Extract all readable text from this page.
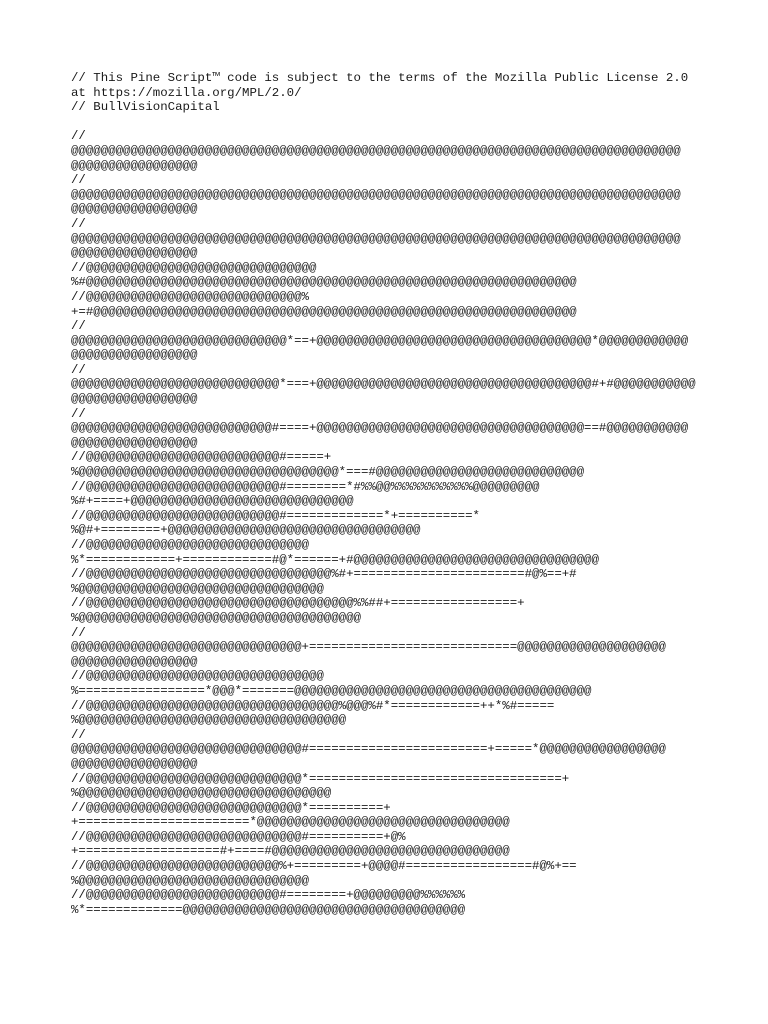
// This Pine Script™ code is subject to the terms of the Mozilla Public License 2.0
at https://mozilla.org/MPL/2.0/
// BullVisionCapital

//
@@@@@@@@@@@@@@@@@@@@@@@@@@@@@@@@@@@@@@@@@@@@@@@@@@@@@@@@@@@@@@@@@@@@@@@@@@@@@@@@@@
@@@@@@@@@@@@@@@@@
//
@@@@@@@@@@@@@@@@@@@@@@@@@@@@@@@@@@@@@@@@@@@@@@@@@@@@@@@@@@@@@@@@@@@@@@@@@@@@@@@@@@
@@@@@@@@@@@@@@@@@
//
@@@@@@@@@@@@@@@@@@@@@@@@@@@@@@@@@@@@@@@@@@@@@@@@@@@@@@@@@@@@@@@@@@@@@@@@@@@@@@@@@@
@@@@@@@@@@@@@@@@@
//@@@@@@@@@@@@@@@@@@@@@@@@@@@@@@@
%#@@@@@@@@@@@@@@@@@@@@@@@@@@@@@@@@@@@@@@@@@@@@@@@@@@@@@@@@@@@@@@@@@@
//@@@@@@@@@@@@@@@@@@@@@@@@@@@@@%
+=#@@@@@@@@@@@@@@@@@@@@@@@@@@@@@@@@@@@@@@@@@@@@@@@@@@@@@@@@@@@@@@@@@
//
@@@@@@@@@@@@@@@@@@@@@@@@@@@@@*==+@@@@@@@@@@@@@@@@@@@@@@@@@@@@@@@@@@@@@*@@@@@@@@@@@@
@@@@@@@@@@@@@@@@@
//
@@@@@@@@@@@@@@@@@@@@@@@@@@@@*===+@@@@@@@@@@@@@@@@@@@@@@@@@@@@@@@@@@@@@#+#@@@@@@@@@@@
@@@@@@@@@@@@@@@@@
//
@@@@@@@@@@@@@@@@@@@@@@@@@@@#====+@@@@@@@@@@@@@@@@@@@@@@@@@@@@@@@@@@@@==#@@@@@@@@@@@
@@@@@@@@@@@@@@@@@
//@@@@@@@@@@@@@@@@@@@@@@@@@@#=====+
%@@@@@@@@@@@@@@@@@@@@@@@@@@@@@@@@@@@*===#@@@@@@@@@@@@@@@@@@@@@@@@@@@@
//@@@@@@@@@@@@@@@@@@@@@@@@@@#========*#%%@@%%%%%%%%%%%@@@@@@@@@
%#+====+@@@@@@@@@@@@@@@@@@@@@@@@@@@@@@
//@@@@@@@@@@@@@@@@@@@@@@@@@@#=============*+==========*
%@#+========+@@@@@@@@@@@@@@@@@@@@@@@@@@@@@@@@@@
//@@@@@@@@@@@@@@@@@@@@@@@@@@@@@@
%*============+============#@*======+#@@@@@@@@@@@@@@@@@@@@@@@@@@@@@@@@@
//@@@@@@@@@@@@@@@@@@@@@@@@@@@@@@@@@%#+=======================#@%==+#
%@@@@@@@@@@@@@@@@@@@@@@@@@@@@@@@@@
//@@@@@@@@@@@@@@@@@@@@@@@@@@@@@@@@@@@@%%##+=================+
%@@@@@@@@@@@@@@@@@@@@@@@@@@@@@@@@@@@@@@
//
@@@@@@@@@@@@@@@@@@@@@@@@@@@@@@@+============================@@@@@@@@@@@@@@@@@@@@
@@@@@@@@@@@@@@@@@
//@@@@@@@@@@@@@@@@@@@@@@@@@@@@@@@@
%=================*@@@*=======@@@@@@@@@@@@@@@@@@@@@@@@@@@@@@@@@@@@@@@@
//@@@@@@@@@@@@@@@@@@@@@@@@@@@@@@@@@@%@@@%#*============++*%#=====
%@@@@@@@@@@@@@@@@@@@@@@@@@@@@@@@@@@@@
//
@@@@@@@@@@@@@@@@@@@@@@@@@@@@@@@#========================+=====*@@@@@@@@@@@@@@@@@
@@@@@@@@@@@@@@@@@
//@@@@@@@@@@@@@@@@@@@@@@@@@@@@@*==================================+
%@@@@@@@@@@@@@@@@@@@@@@@@@@@@@@@@@@
//@@@@@@@@@@@@@@@@@@@@@@@@@@@@@*==========+
+=======================*@@@@@@@@@@@@@@@@@@@@@@@@@@@@@@@@@@
//@@@@@@@@@@@@@@@@@@@@@@@@@@@@@#==========+@%
+===================#+====#@@@@@@@@@@@@@@@@@@@@@@@@@@@@@@@@
//@@@@@@@@@@@@@@@@@@@@@@@@@@%+=========+@@@@#=================#@%+==
%@@@@@@@@@@@@@@@@@@@@@@@@@@@@@@@
//@@@@@@@@@@@@@@@@@@@@@@@@@@#========+@@@@@@@@@%%%%%%
%*=============@@@@@@@@@@@@@@@@@@@@@@@@@@@@@@@@@@@@@@
